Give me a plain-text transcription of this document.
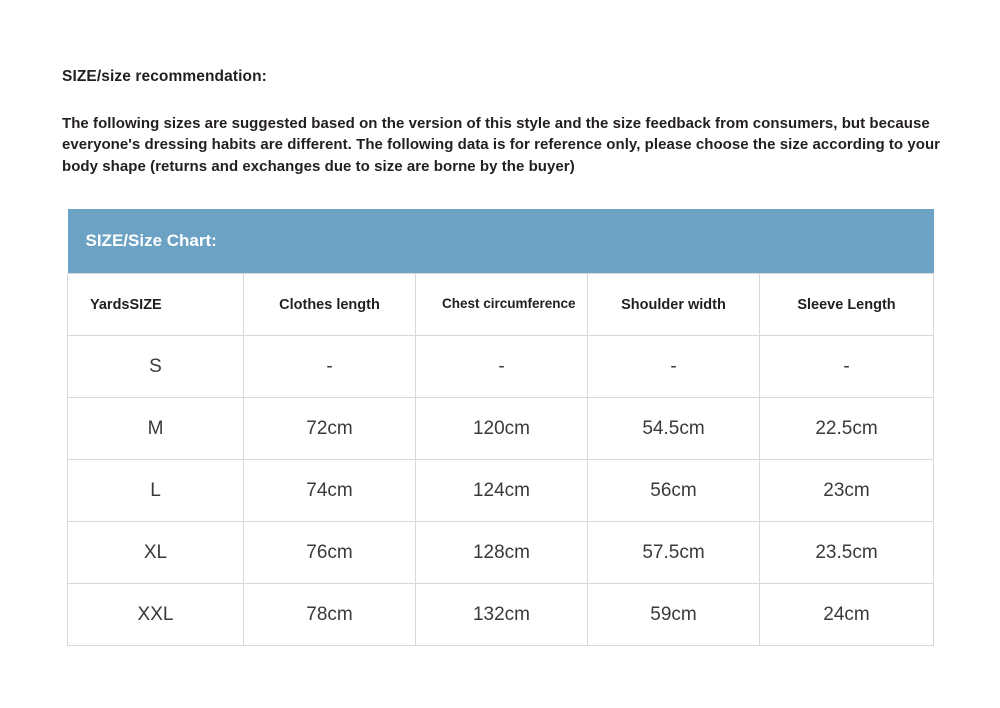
SIZE/size recommendation:

The following sizes are suggested based on the version of this style and the size feedback from consumers, but because everyone's dressing habits are different. The following data is for reference only, please choose the size according to your body shape (returns and exchanges due to size are borne by the buyer)

SIZE/Size Chart:				
YardsSIZE	Clothes length	Chest circumference	Shoulder width	Sleeve Length
S	-	-	-	-
M	72cm	120cm	54.5cm	22.5cm
L	74cm	124cm	56cm	23cm
XL	76cm	128cm	57.5cm	23.5cm
XXL	78cm	132cm	59cm	24cm
